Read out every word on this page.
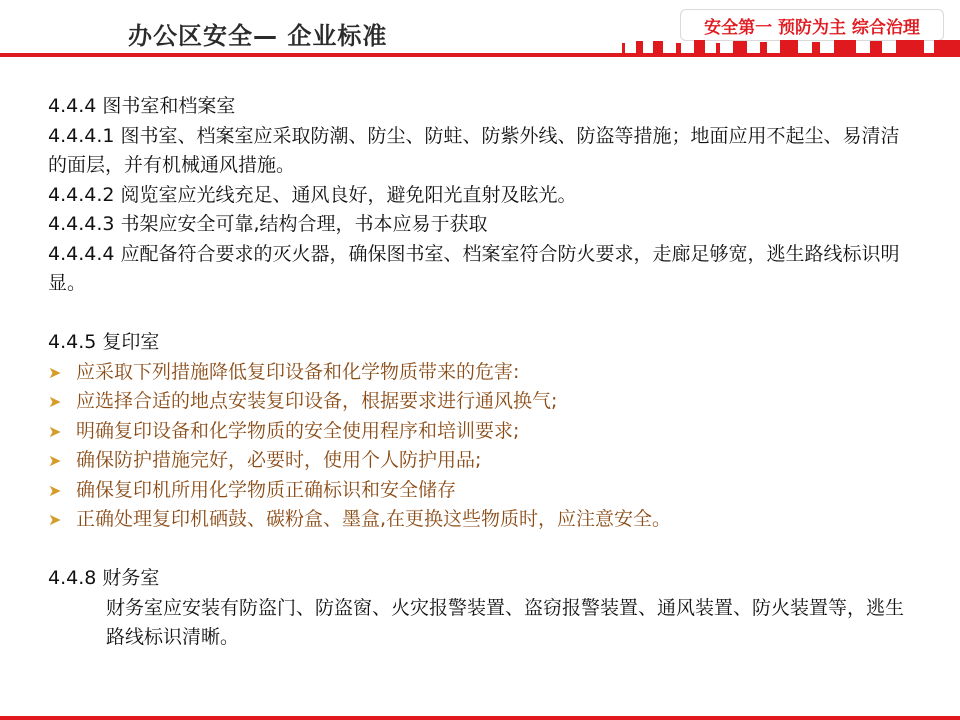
办公区安全— 企业标准	安全第一 预防为主 综合治理

4.4.4 图书室和档案室

4.4.4.1 图书室、档案室应采取防潮、防尘、防蛀、防紫外线、防盗等措施；地面应用不起尘、易清洁的面层，并有机械通风措施。

4.4.4.2 阅览室应光线充足、通风良好，避免阳光直射及眩光。

4.4.4.3 书架应安全可靠,结构合理，书本应易于获取

4.4.4.4 应配备符合要求的灭火器，确保图书室、档案室符合防火要求，走廊足够宽，逃生路线标识明显。

4.4.5 复印室

➤ 应采取下列措施降低复印设备和化学物质带来的危害:
➤ 应选择合适的地点安装复印设备，根据要求进行通风换气;
➤ 明确复印设备和化学物质的安全使用程序和培训要求;
➤ 确保防护措施完好，必要时，使用个人防护用品;
➤ 确保复印机所用化学物质正确标识和安全储存
➤ 正确处理复印机硒鼓、碳粉盒、墨盒,在更换这些物质时，应注意安全。

4.4.8 财务室

财务室应安装有防盗门、防盗窗、火灾报警装置、盗窃报警装置、通风装置、防火装置等，逃生路线标识清晰。
